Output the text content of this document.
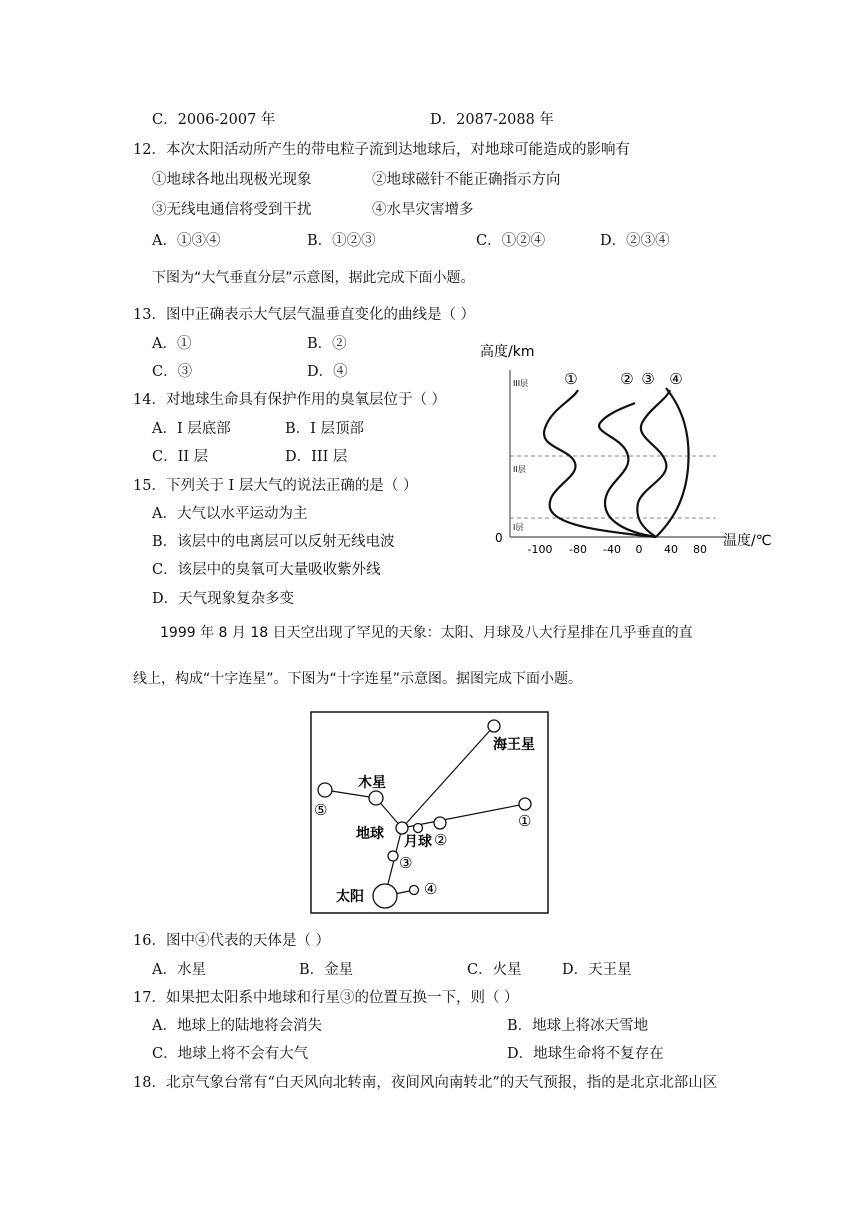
C．2006-2007 年	D．2087-2088 年
12．本次太阳活动所产生的带电粒子流到达地球后，对地球可能造成的影响有
①地球各地出现极光现象	②地球磁针不能正确指示方向
③无线电通信将受到干扰	④水旱灾害增多
A．①③④	B．①②③	C．①②④	D．②③④
下图为“大气垂直分层”示意图，据此完成下面小题。
13．图中正确表示大气层气温垂直变化的曲线是（ ）
A．①	B．②
C．③	D．④
14．对地球生命具有保护作用的臭氧层位于（ ）
A．I 层底部	B．I 层顶部
C．II 层	D．III 层
15．下列关于 I 层大气的说法正确的是（ ）
A．大气以水平运动为主
B．该层中的电离层可以反射无线电波
C．该层中的臭氧可大量吸收紫外线
D．天气现象复杂多变
高度/km
III层
II层
I层
0
-100 -80 -40 0 40 80
温度/℃
①	② ③ ④
1999 年 8 月 18 日天空出现了罕见的天象：太阳、月球及八大行星排在几乎垂直的直
线上，构成“十字连星”。下图为“十字连星”示意图。据图完成下面小题。
海王星
木星
⑤
①
地球 月球 ②
③
太阳	④
16．图中④代表的天体是（ ）
A．水星	B．金星	C．火星	D．天王星
17．如果把太阳系中地球和行星③的位置互换一下，则（ ）
A．地球上的陆地将会消失	B．地球上将冰天雪地
C．地球上将不会有大气	D．地球生命将不复存在
18．北京气象台常有“白天风向北转南，夜间风向南转北”的天气预报，指的是北京北部山区
